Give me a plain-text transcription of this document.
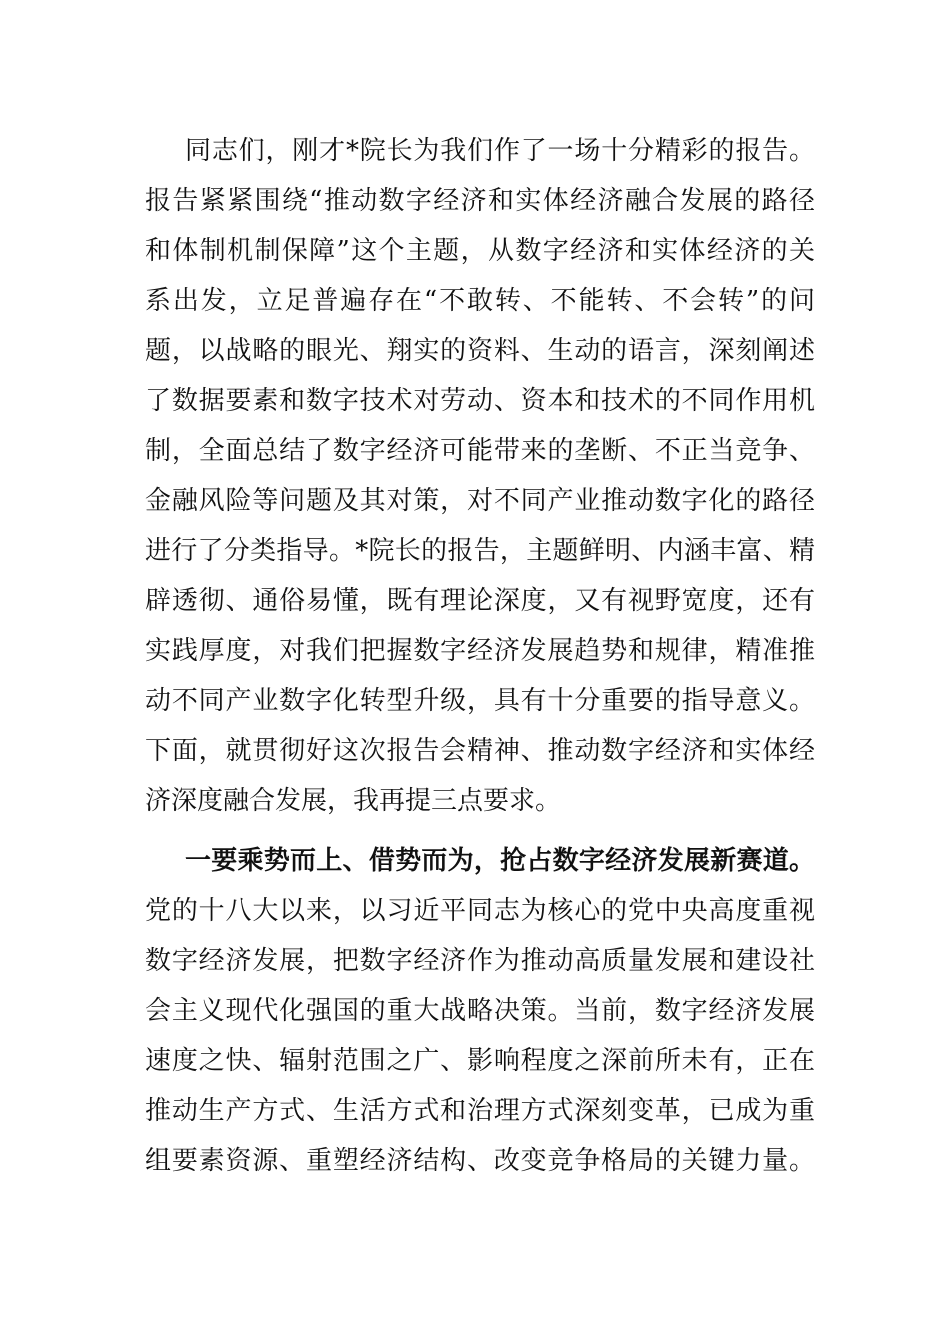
同志们，刚才*院长为我们作了一场十分精彩的报告。
报告紧紧围绕“推动数字经济和实体经济融合发展的路径
和体制机制保障”这个主题，从数字经济和实体经济的关
系出发，立足普遍存在“不敢转、不能转、不会转”的问
题，以战略的眼光、翔实的资料、生动的语言，深刻阐述
了数据要素和数字技术对劳动、资本和技术的不同作用机
制，全面总结了数字经济可能带来的垄断、不正当竞争、
金融风险等问题及其对策，对不同产业推动数字化的路径
进行了分类指导。*院长的报告，主题鲜明、内涵丰富、精
辟透彻、通俗易懂，既有理论深度，又有视野宽度，还有
实践厚度，对我们把握数字经济发展趋势和规律，精准推
动不同产业数字化转型升级，具有十分重要的指导意义。
下面，就贯彻好这次报告会精神、推动数字经济和实体经
济深度融合发展，我再提三点要求。
一要乘势而上、借势而为，抢占数字经济发展新赛道。
党的十八大以来，以习近平同志为核心的党中央高度重视
数字经济发展，把数字经济作为推动高质量发展和建设社
会主义现代化强国的重大战略决策。当前，数字经济发展
速度之快、辐射范围之广、影响程度之深前所未有，正在
推动生产方式、生活方式和治理方式深刻变革，已成为重
组要素资源、重塑经济结构、改变竞争格局的关键力量。
